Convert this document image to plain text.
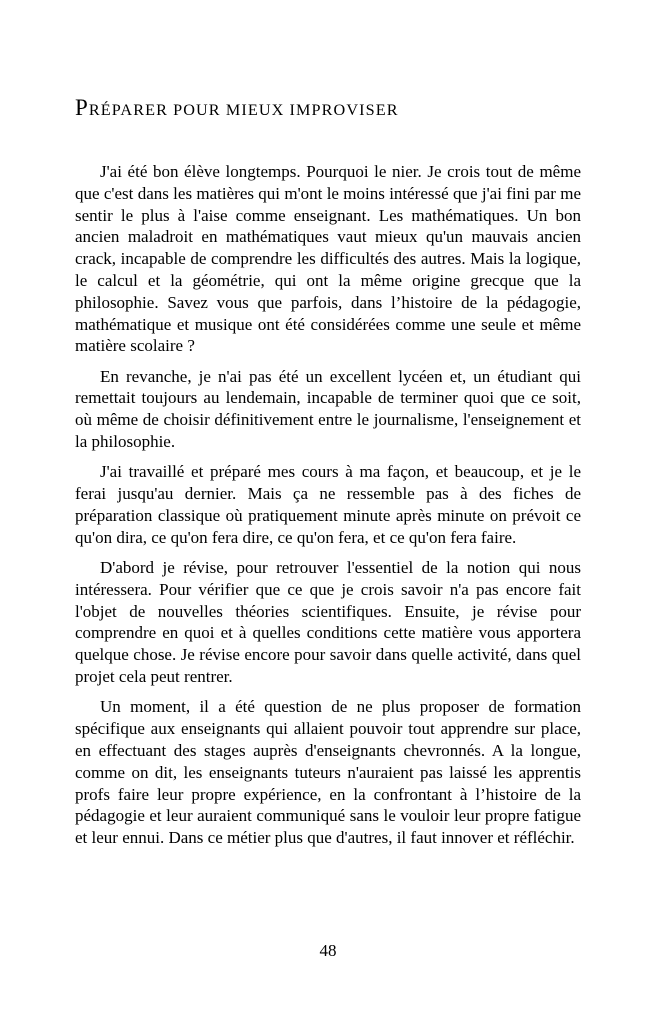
PRÉPARER POUR MIEUX IMPROVISER

J'ai été bon élève longtemps. Pourquoi le nier. Je crois tout de même que c'est dans les matières qui m'ont le moins intéressé que j'ai fini par me sentir le plus à l'aise comme enseignant. Les mathématiques. Un bon ancien maladroit en mathématiques vaut mieux qu'un mauvais ancien crack, incapable de comprendre les difficultés des autres. Mais la logique, le calcul et la géométrie, qui ont la même origine grecque que la philosophie. Savez vous que parfois, dans l’histoire de la pédagogie, mathématique et musique ont été considérées comme une seule et même matière scolaire ?

En revanche, je n'ai pas été un excellent lycéen et, un étudiant qui remettait toujours au lendemain, incapable de terminer quoi que ce soit, où même de choisir définitivement entre le journalisme, l'enseignement et la philosophie.

J'ai travaillé et préparé mes cours à ma façon, et beaucoup, et je le ferai jusqu'au dernier. Mais ça ne ressemble pas à des fiches de préparation classique où pratiquement minute après minute on prévoit ce qu'on dira, ce qu'on fera dire, ce qu'on fera, et ce qu'on fera faire.

D'abord je révise, pour retrouver l'essentiel de la notion qui nous intéressera. Pour vérifier que ce que je crois savoir n'a pas encore fait l'objet de nouvelles théories scientifiques. Ensuite, je révise pour comprendre en quoi et à quelles conditions cette matière vous apportera quelque chose. Je révise encore pour savoir dans quelle activité, dans quel projet cela peut rentrer.

Un moment, il a été question de ne plus proposer de formation spécifique aux enseignants qui allaient pouvoir tout apprendre sur place, en effectuant des stages auprès d'enseignants chevronnés. A la longue, comme on dit, les enseignants tuteurs n'auraient pas laissé les apprentis profs faire leur propre expérience, en la confrontant à l’histoire de la pédagogie et leur auraient communiqué sans le vouloir leur propre fatigue et leur ennui. Dans ce métier plus que d'autres, il faut innover et réfléchir.

48
